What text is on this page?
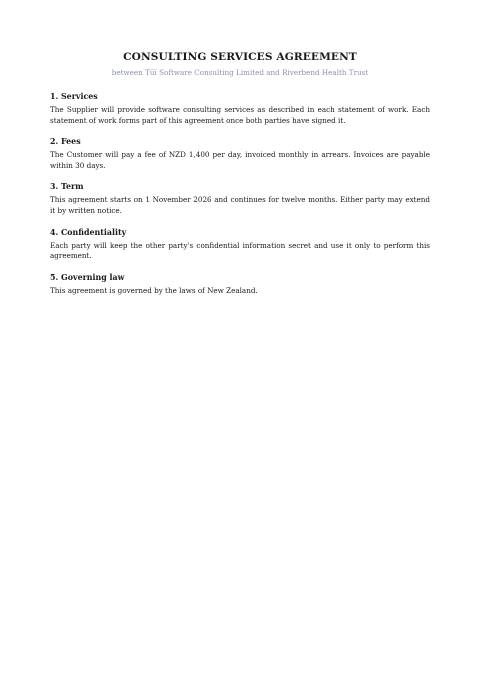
CONSULTING SERVICES AGREEMENT

between Tūī Software Consulting Limited and Riverbend Health Trust

1. Services

The Supplier will provide software consulting services as described in each statement of work. Each statement of work forms part of this agreement once both parties have signed it.

2. Fees

The Customer will pay a fee of NZD 1,400 per day, invoiced monthly in arrears. Invoices are payable within 30 days.

3. Term

This agreement starts on 1 November 2026 and continues for twelve months. Either party may extend it by written notice.

4. Confidentiality

Each party will keep the other party's confidential information secret and use it only to perform this agreement.

5. Governing law

This agreement is governed by the laws of New Zealand.
